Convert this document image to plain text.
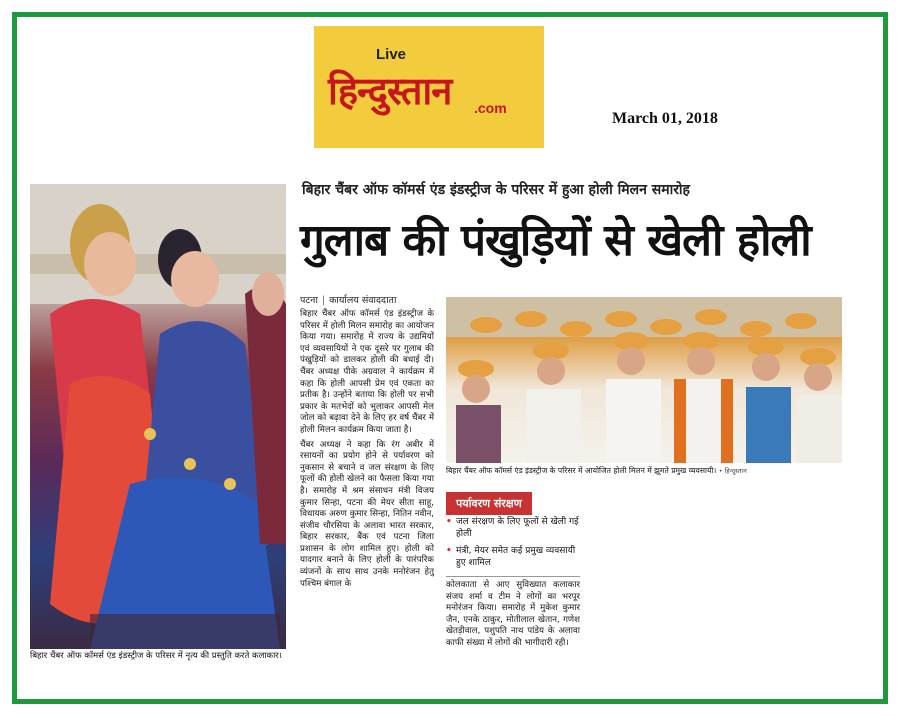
Live
हिन्दुस्तान .com
March 01, 2018
बिहार चैंबर ऑफ कॉमर्स एंड इंडस्ट्रीज के परिसर में नृत्य की प्रस्तुति करते कलाकार।
बिहार चैंबर ऑफ कॉमर्स एंड इंडस्ट्रीज के परिसर में हुआ होली मिलन समारोह
गुलाब की पंखुड़ियों से खेली होली
पटना | कार्यालय संवाददाता

बिहार चैंबर ऑफ कॉमर्स एंड इंडस्ट्रीज के परिसर में होली मिलन समारोह का आयोजन किया गया। समारोह में राज्य के उद्यमियों एवं व्यवसायियों ने एक दूसरे पर गुलाब की पंखुड़ियों को डालकर होली की बधाई दी। चैंबर अध्यक्ष पीके अग्रवाल ने कार्यक्रम में कहा कि होली आपसी प्रेम एवं एकता का प्रतीक है। उन्होंने बताया कि होली पर सभी प्रकार के मतभेदों को भुलाकर आपसी मेल जोल को बढ़ावा देने के लिए हर वर्ष चैंबर में होली मिलन कार्यक्रम किया जाता है।

चैंबर अध्यक्ष ने कहा कि रंग अबीर में रसायनों का प्रयोग होने से पर्यावरण को नुकसान से बचाने व जल संरक्षण के लिए फूलों की होली खेलने का फैसला किया गया है। समारोह में श्रम संसाधन मंत्री विजय कुमार सिन्हा, पटना की मेयर सीता साहू, विधायक अरुण कुमार सिन्हा, नितिन नवीन, संजीव चौरसिया के अलावा भारत सरकार, बिहार सरकार, बैंक एवं पटना जिला प्रशासन के लोग शामिल हुए। होली को यादगार बनाने के लिए होली के पारंपरिक व्यंजनों के साथ साथ उनके मनोरंजन हेतु पश्चिम बंगाल के

बिहार चैंबर ऑफ कॉमर्स एंड इंडस्ट्रीज के परिसर में आयोजित होली मिलन में झूमते प्रमुख व्यवसायी। • हिन्दुस्तान
पर्यावरण संरक्षण
• जल संरक्षण के लिए फूलों से खेली गई होली
• मंत्री, मेयर समेत कई प्रमुख व्यवसायी हुए शामिल
कोलकाता से आए सुविख्यात कलाकार संजय शर्मा व टीम ने लोगों का भरपूर मनोरंजन किया। समारोह में मुकेश कुमार जैन, एनके ठाकुर, मोतीलाल खेतान, गणेश खेतड़ीवाल, पशुपति नाथ पांडेय के अलावा काफी संख्या में लोगों की भागीदारी रही।
